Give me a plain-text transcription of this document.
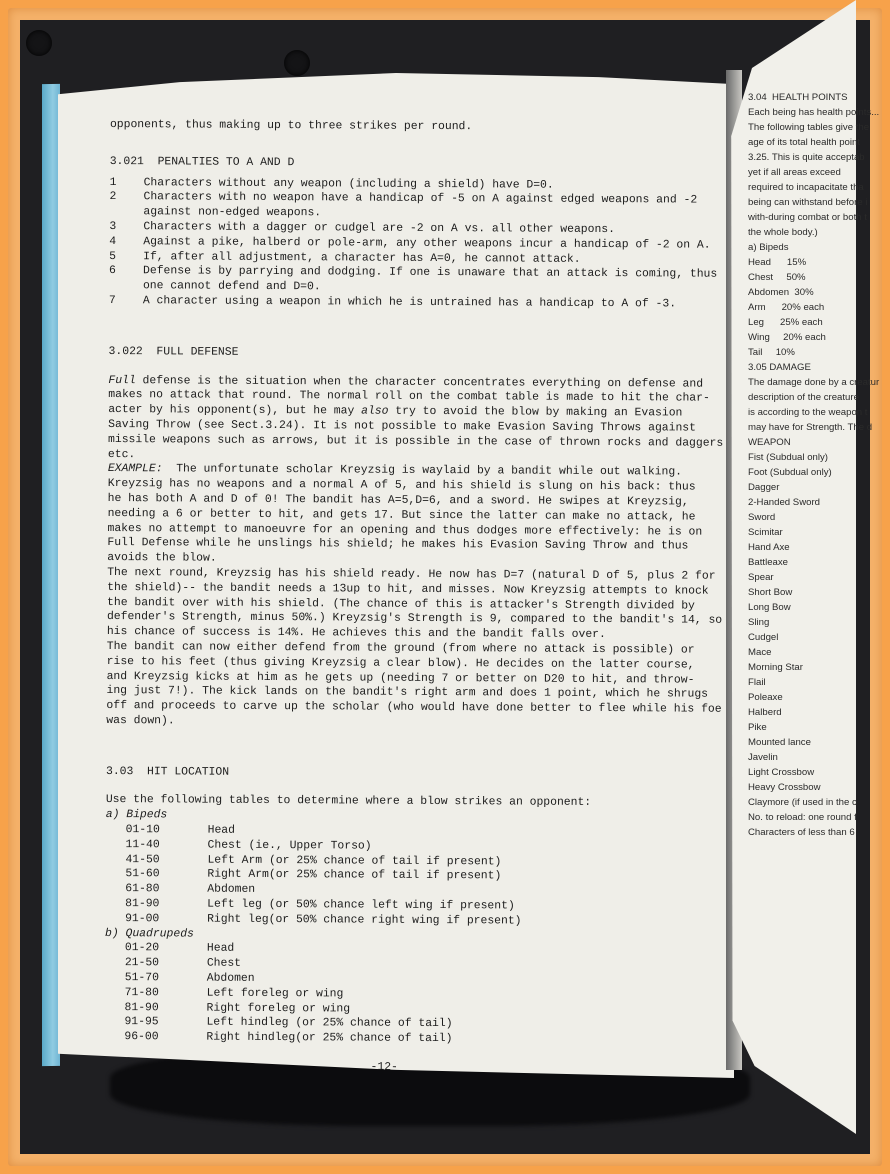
opponents, thus making up to three strikes per round.
3.021  PENALTIES TO A AND D
1	Characters without any weapon (including a shield) have D=0.
2	Characters with no weapon have a handicap of -5 on A against edged weapons and -2
against non-edged weapons.
3	Characters with a dagger or cudgel are -2 on A vs. all other weapons.
4	Against a pike, halberd or pole-arm, any other weapons incur a handicap of -2 on A.
5	If, after all adjustment, a character has A=0, he cannot attack.
6	Defense is by parrying and dodging. If one is unaware that an attack is coming, thus
one cannot defend and D=0.
7	A character using a weapon in which he is untrained has a handicap to A of -3.
3.022  FULL DEFENSE
Full defense is the situation when the character concentrates everything on defense and
makes no attack that round. The normal roll on the combat table is made to hit the char-
acter by his opponent(s), but he may also try to avoid the blow by making an Evasion
Saving Throw (see Sect.3.24). It is not possible to make Evasion Saving Throws against
missile weapons such as arrows, but it is possible in the case of thrown rocks and daggers
etc.
EXAMPLE:  The unfortunate scholar Kreyzsig is waylaid by a bandit while out walking.
Kreyzsig has no weapons and a normal A of 5, and his shield is slung on his back: thus
he has both A and D of 0! The bandit has A=5,D=6, and a sword. He swipes at Kreyzsig,
needing a 6 or better to hit, and gets 17. But since the latter can make no attack, he
makes no attempt to manoeuvre for an opening and thus dodges more effectively: he is on
Full Defense while he unslings his shield; he makes his Evasion Saving Throw and thus
avoids the blow.
The next round, Kreyzsig has his shield ready. He now has D=7 (natural D of 5, plus 2 for
the shield)-- the bandit needs a 13up to hit, and misses. Now Kreyzsig attempts to knock
the bandit over with his shield. (The chance of this is attacker's Strength divided by
defender's Strength, minus 50%.) Kreyzsig's Strength is 9, compared to the bandit's 14, so
his chance of success is 14%. He achieves this and the bandit falls over.
The bandit can now either defend from the ground (from where no attack is possible) or
rise to his feet (thus giving Kreyzsig a clear blow). He decides on the latter course,
and Kreyzsig kicks at him as he gets up (needing 7 or better on D20 to hit, and throw-
ing just 7!). The kick lands on the bandit's right arm and does 1 point, which he shrugs
off and proceeds to carve up the scholar (who would have done better to flee while his foe
was down).
3.03  HIT LOCATION
Use the following tables to determine where a blow strikes an opponent:
a) Bipeds
01-10	Head
11-40	Chest (ie., Upper Torso)
41-50	Left Arm (or 25% chance of tail if present)
51-60	Right Arm(or 25% chance of tail if present)
61-80	Abdomen
81-90	Left leg (or 50% chance left wing if present)
91-00	Right leg(or 50% chance right wing if present)
b) Quadrupeds
01-20	Head
21-50	Chest
51-70	Abdomen
71-80	Left foreleg or wing
81-90	Right foreleg or wing
91-95	Left hindleg (or 25% chance of tail)
96-00	Right hindleg(or 25% chance of tail)
-12-
3.04  HEALTH POINTS
Each being has health points...
The following tables give the
age of its total health point
3.25. This is quite acceptab
yet if all areas exceed
required to incapacitate tha
being can withstand before i
with-during combat or both t
the whole body.)
a) Bipeds
Head      15%
Chest     50%
Abdomen  30%
Arm      20% each
Leg      25% each
Wing     20% each
Tail     10%
3.05 DAMAGE
The damage done by a creatur
description of the creature
is according to the weapon t
may have for Strength. The d
WEAPON
Fist (Subdual only)
Foot (Subdual only)
Dagger
2-Handed Sword
Sword
Scimitar
Hand Axe
Battleaxe
Spear
Short Bow
Long Bow
Sling
Cudgel
Mace
Morning Star
Flail
Poleaxe
Halberd
Pike
Mounted lance
Javelin
Light Crossbow
Heavy Crossbow
Claymore (if used in the c
No. to reload: one round f
Characters of less than 6
